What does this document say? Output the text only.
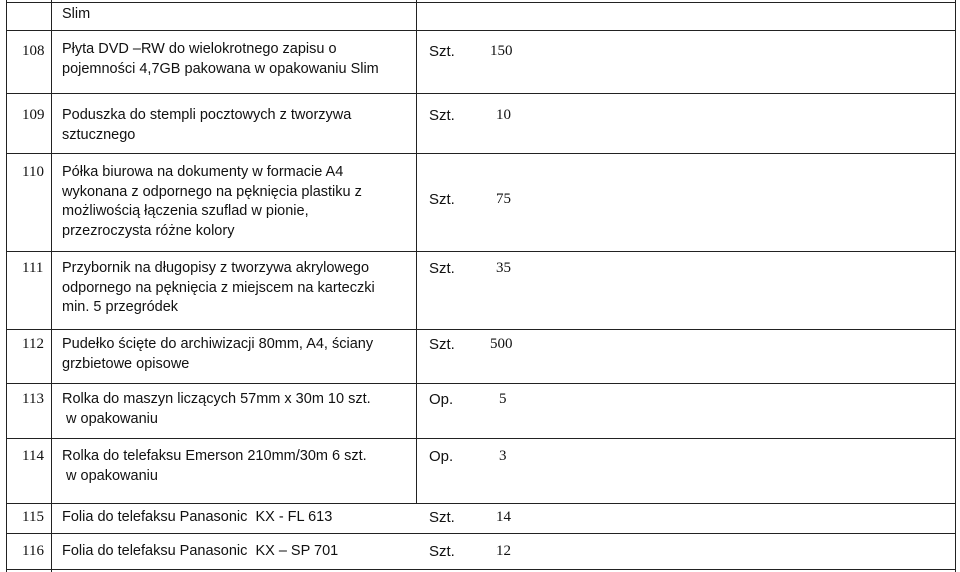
Slim
108 Płyta DVD –RW do wielokrotnego zapisu o
pojemności 4,7GB pakowana w opakowaniu Slim
Szt. 150
109 Poduszka do stempli pocztowych z tworzywa
sztucznego
Szt.	10
110 Półka biurowa na dokumenty w formacie A4
wykonana z odpornego na pęknięcia plastiku z
możliwością łączenia szuflad w pionie,
przezroczysta różne kolory
Szt.	75
111 Przybornik na długopisy z tworzywa akrylowego
odpornego na pęknięcia z miejscem na karteczki
min. 5 przegródek
Szt.	35
112 Pudełko ścięte do archiwizacji 80mm, A4, ściany
grzbietowe opisowe
Szt. 500
113 Rolka do maszyn liczących 57mm x 30m 10 szt.
w opakowaniu
Op.	5
114 Rolka do telefaksu Emerson 210mm/30m 6 szt.
w opakowaniu
Op.	3
115 Folia do telefaksu Panasonic  KX - FL 613	Szt.	14
116 Folia do telefaksu Panasonic  KX – SP 701	Szt.	12
